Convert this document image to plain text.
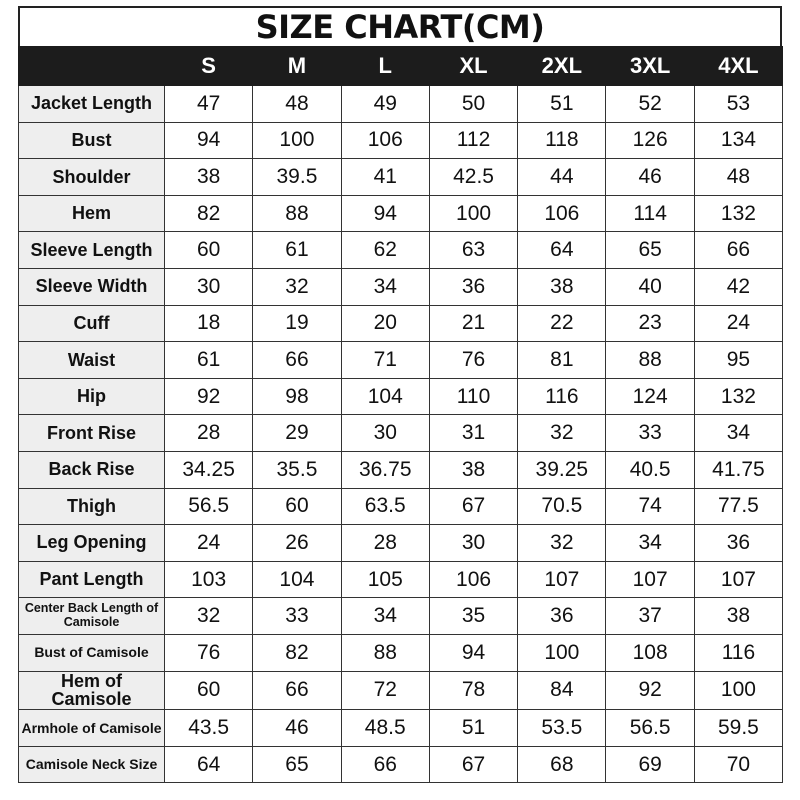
SIZE CHART(CM)
	S	M	L	XL	2XL	3XL	4XL
Jacket Length	47	48	49	50	51	52	53
Bust	94	100	106	112	118	126	134
Shoulder	38	39.5	41	42.5	44	46	48
Hem	82	88	94	100	106	114	132
Sleeve Length	60	61	62	63	64	65	66
Sleeve Width	30	32	34	36	38	40	42
Cuff	18	19	20	21	22	23	24
Waist	61	66	71	76	81	88	95
Hip	92	98	104	110	116	124	132
Front Rise	28	29	30	31	32	33	34
Back Rise	34.25	35.5	36.75	38	39.25	40.5	41.75
Thigh	56.5	60	63.5	67	70.5	74	77.5
Leg Opening	24	26	28	30	32	34	36
Pant Length	103	104	105	106	107	107	107
Center Back Length of Camisole	32	33	34	35	36	37	38
Bust of Camisole	76	82	88	94	100	108	116
Hem of Camisole	60	66	72	78	84	92	100
Armhole of Camisole	43.5	46	48.5	51	53.5	56.5	59.5
Camisole Neck Size	64	65	66	67	68	69	70
